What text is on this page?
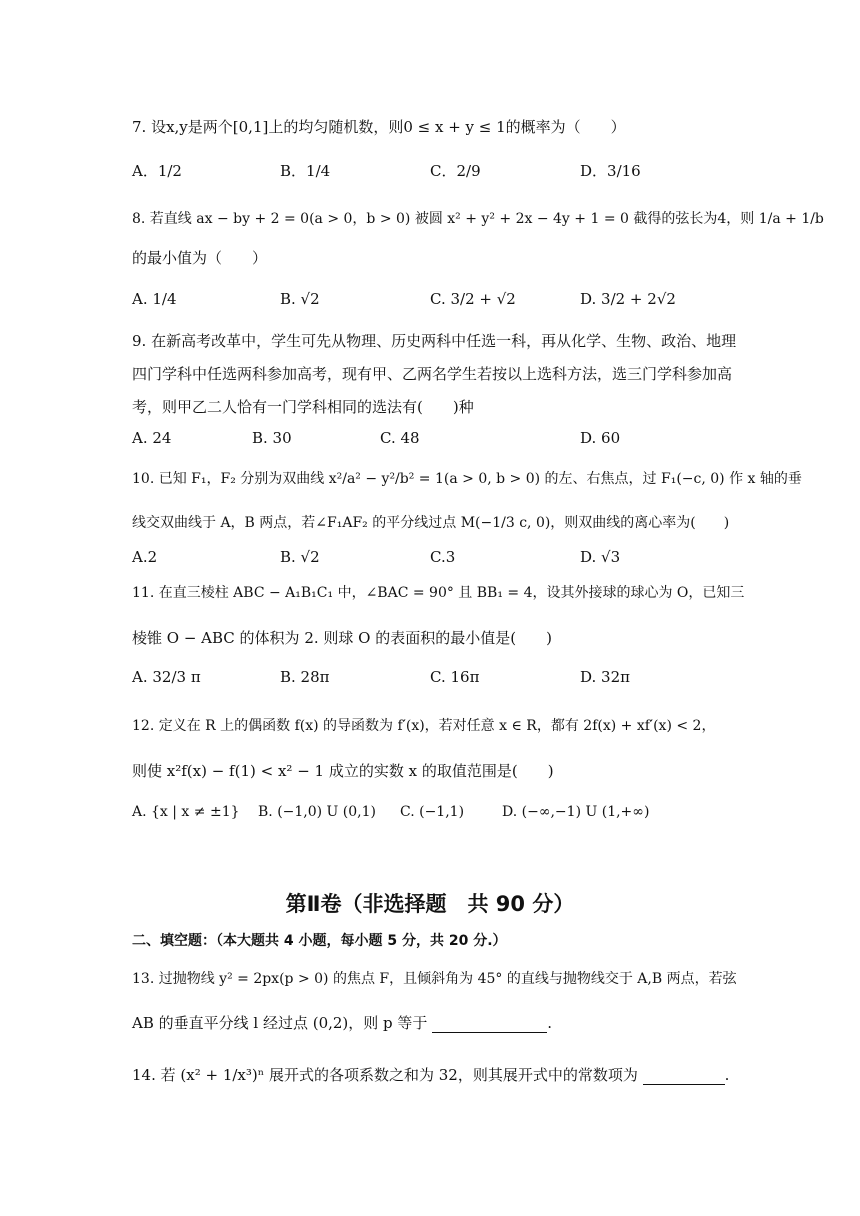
7. 设x,y是两个[0,1]上的均匀随机数，则0 ≤ x + y ≤ 1的概率为（　　）
A．1/2	B．1/4	C．2/9	D．3/16
8. 若直线 ax − by + 2 = 0(a > 0，b > 0) 被圆 x² + y² + 2x − 4y + 1 = 0 截得的弦长为4，则 1/a + 1/b
的最小值为（　　）
A. 1/4	B. √2	C. 3/2 + √2	D. 3/2 + 2√2
9. 在新高考改革中，学生可先从物理、历史两科中任选一科，再从化学、生物、政治、地理
四门学科中任选两科参加高考，现有甲、乙两名学生若按以上选科方法，选三门学科参加高
考，则甲乙二人恰有一门学科相同的选法有(　　)种
A. 24	B. 30	C. 48	D. 60
10. 已知 F₁，F₂ 分别为双曲线 x²/a² − y²/b² = 1(a > 0, b > 0) 的左、右焦点，过 F₁(−c, 0) 作 x 轴的垂
线交双曲线于 A，B 两点，若∠F₁AF₂ 的平分线过点 M(−1/3 c, 0)，则双曲线的离心率为(　　)
A.2	B. √2	C.3	D. √3
11. 在直三棱柱 ABC − A₁B₁C₁ 中，∠BAC = 90° 且 BB₁ = 4，设其外接球的球心为 O，已知三
棱锥 O − ABC 的体积为 2. 则球 O 的表面积的最小值是(　　)
A. 32/3 π	B. 28π	C. 16π	D. 32π
12. 定义在 R 上的偶函数 f(x) 的导函数为 f′(x)，若对任意 x ∈ R，都有 2f(x) + xf′(x) < 2，
则使 x²f(x) − f(1) < x² − 1 成立的实数 x 的取值范围是(　　)
A. {x | x ≠ ±1} B. (−1,0) U (0,1) C. (−1,1)	D. (−∞,−1) U (1,+∞)
第Ⅱ卷（非选择题　共 90 分）
二、填空题：（本大题共 4 小题，每小题 5 分，共 20 分.）
13. 过抛物线 y² = 2px(p > 0) 的焦点 F，且倾斜角为 45° 的直线与抛物线交于 A,B 两点，若弦
AB 的垂直平分线 l 经过点 (0,2)，则 p 等于	.
14. 若 (x² + 1/x³)ⁿ 展开式的各项系数之和为 32，则其展开式中的常数项为	.
